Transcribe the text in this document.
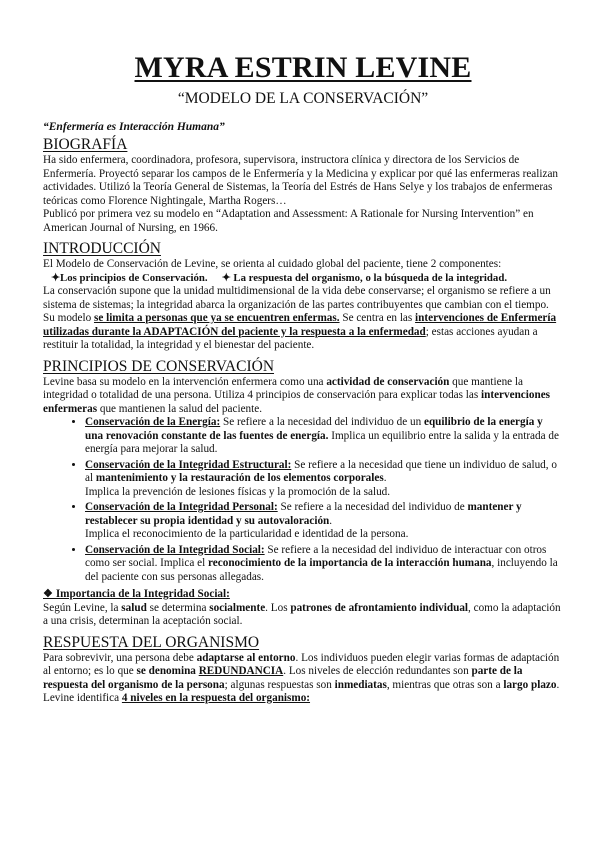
MYRA ESTRIN LEVINE
“MODELO DE LA CONSERVACIÓN”
“Enfermería es Interacción Humana”
BIOGRAFÍA

Ha sido enfermera, coordinadora, profesora, supervisora, instructora clínica y directora de los Servicios de Enfermería. Proyectó separar los campos de le Enfermería y la Medicina y explicar por qué las enfermeras realizan actividades. Utilizó la Teoría General de Sistemas, la Teoría del Estrés de Hans Selye y los trabajos de enfermeras teóricas como Florence Nightingale, Martha Rogers…

Publicó por primera vez su modelo en “Adaptation and Assessment: A Rationale for Nursing Intervention” en American Journal of Nursing, en 1966.

INTRODUCCIÓN

El Modelo de Conservación de Levine, se orienta al cuidado global del paciente, tiene 2 componentes:

✦Los principios de Conservación. ✦ La respuesta del organismo, o la búsqueda de la integridad.

La conservación supone que la unidad multidimensional de la vida debe conservarse; el organismo se refiere a un sistema de sistemas; la integridad abarca la organización de las partes contribuyentes que cambian con el tiempo. Su modelo se limita a personas que ya se encuentren enfermas. Se centra en las intervenciones de Enfermería utilizadas durante la ADAPTACIÓN del paciente y la respuesta a la enfermedad; estas acciones ayudan a restituir la totalidad, la integridad y el bienestar del paciente.

PRINCIPIOS DE CONSERVACIÓN

Levine basa su modelo en la intervención enfermera como una actividad de conservación que mantiene la integridad o totalidad de una persona. Utiliza 4 principios de conservación para explicar todas las intervenciones enfermeras que mantienen la salud del paciente.

• Conservación de la Energía: Se refiere a la necesidad del individuo de un equilibrio de la energía y una renovación constante de las fuentes de energía. Implica un equilibrio entre la salida y la entrada de energía para mejorar la salud.
• Conservación de la Integridad Estructural: Se refiere a la necesidad que tiene un individuo de salud, o al mantenimiento y la restauración de los elementos corporales.
Implica la prevención de lesiones físicas y la promoción de la salud.
• Conservación de la Integridad Personal: Se refiere a la necesidad del individuo de mantener y restablecer su propia identidad y su autovaloración.
Implica el reconocimiento de la particularidad e identidad de la persona.
• Conservación de la Integridad Social: Se refiere a la necesidad del individuo de interactuar con otros como ser social. Implica el reconocimiento de la importancia de la interacción humana, incluyendo la del paciente con sus personas allegadas.

❖ Importancia de la Integridad Social:

Según Levine, la salud se determina socialmente. Los patrones de afrontamiento individual, como la adaptación a una crisis, determinan la aceptación social.

RESPUESTA DEL ORGANISMO

Para sobrevivir, una persona debe adaptarse al entorno. Los individuos pueden elegir varias formas de adaptación al entorno; es lo que se denomina REDUNDANCIA. Los niveles de elección redundantes son parte de la respuesta del organismo de la persona; algunas respuestas son inmediatas, mientras que otras son a largo plazo. Levine identifica 4 niveles en la respuesta del organismo:
